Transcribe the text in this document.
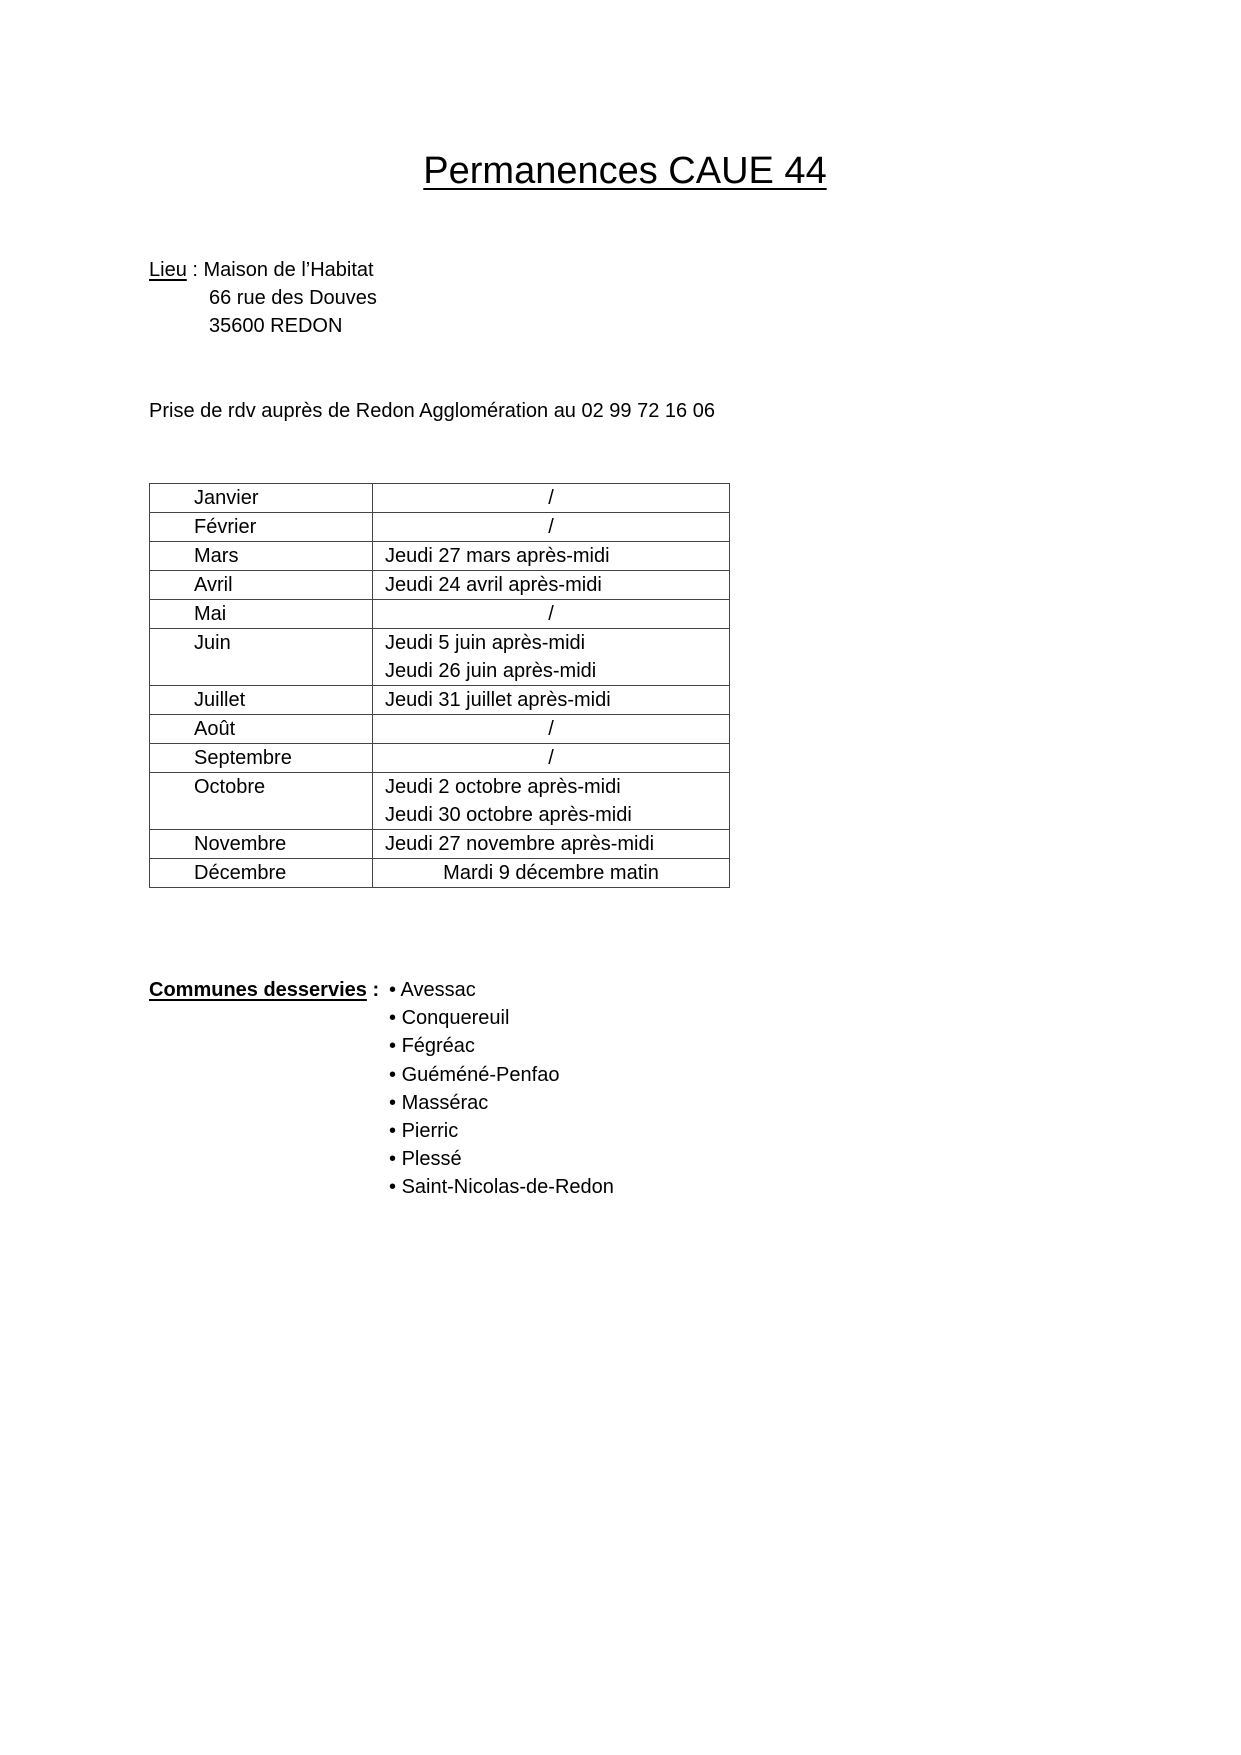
Permanences CAUE 44
Lieu : Maison de l’Habitat
66 rue des Douves
35600 REDON
Prise de rdv auprès de Redon Agglomération au 02 99 72 16 06
Janvier	/

Février	/

Mars	Jeudi 27 mars après-midi

Avril	Jeudi 24 avril après-midi

Mai	/

Juin	Jeudi 5 juin après-midi
Jeudi 26 juin après-midi

Juillet	Jeudi 31 juillet après-midi

Août	/

Septembre	/

Octobre	Jeudi 2 octobre après-midi
Jeudi 30 octobre après-midi

Novembre	Jeudi 27 novembre après-midi

Décembre	Mardi 9 décembre matin
Communes desservies :	• Avessac
• Conquereuil
• Fégréac
• Guéméné-Penfao
• Massérac
• Pierric
• Plessé
• Saint-Nicolas-de-Redon
